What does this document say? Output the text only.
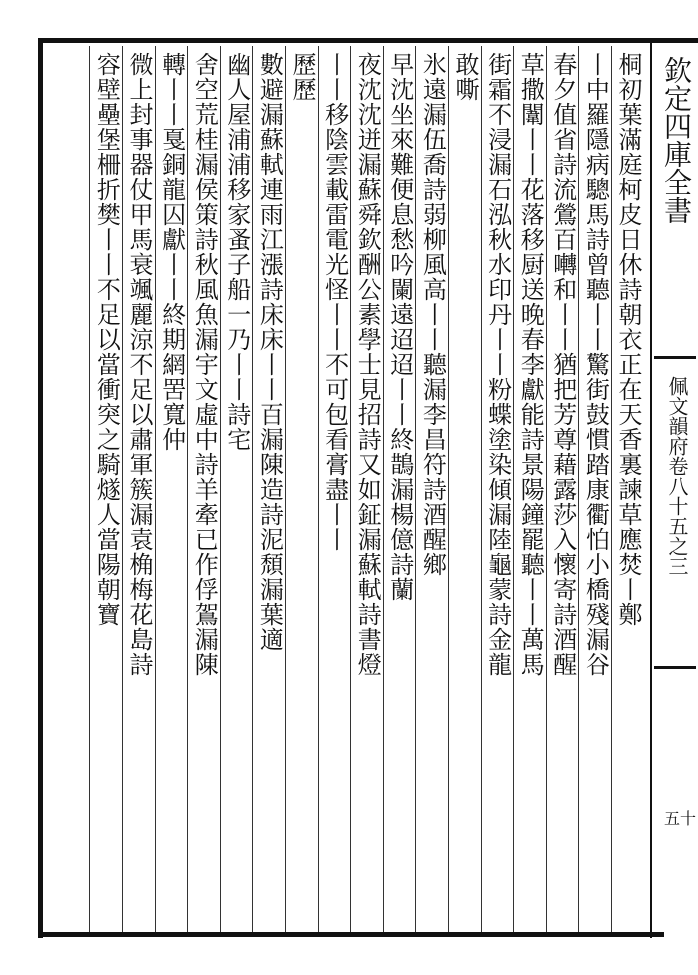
欽定四庫全書
佩文韻府卷八十五之三
五十
桐初葉滿庭柯皮日休詩朝衣正在天香裏諫草應焚丨鄭
丨中羅隱病驄馬詩曾聽丨丨驚街鼓慣踏康衢怕小橋殘漏谷
春夕值省詩流鶯百囀和丨丨猶把芳尊藉露莎入懷寄詩酒醒
草撒闈丨丨花落移厨送晚春李獻能詩景陽鐘罷聽丨丨萬馬
街霜不浸漏石泓秋水印丹丨丨粉蝶塗染傾漏陸龜蒙詩金龍
敢嘶
氷遠漏伍喬詩弱柳風高丨丨聽漏李昌符詩酒醒鄉
早沈坐來難便息愁吟闌遠迢迢丨丨終鵲漏楊億詩蘭
夜沈沈迸漏蘇舜欽酬公素學士見招詩又如鉦漏蘇軾詩書燈
丨丨移陰雲載雷電光怪丨丨不可包看膏盡丨丨
歷歷
數避漏蘇軾連雨江漲詩床床丨丨百漏陳造詩泥頹漏葉適
幽人屋浦浦移家蚤子船一乃丨丨詩宅
舍空荒桂漏侯策詩秋風魚漏宇文虛中詩羊牽已作俘鴐漏陳
轉丨丨戛銅龍囚獻丨丨終期網罟寬仲
微上封事器仗甲馬衰颯麗涼不足以肅軍簇漏袁桷梅花島詩
容壁壘堡柵折樊丨丨不足以當衝突之騎燧人當陽朝寶
